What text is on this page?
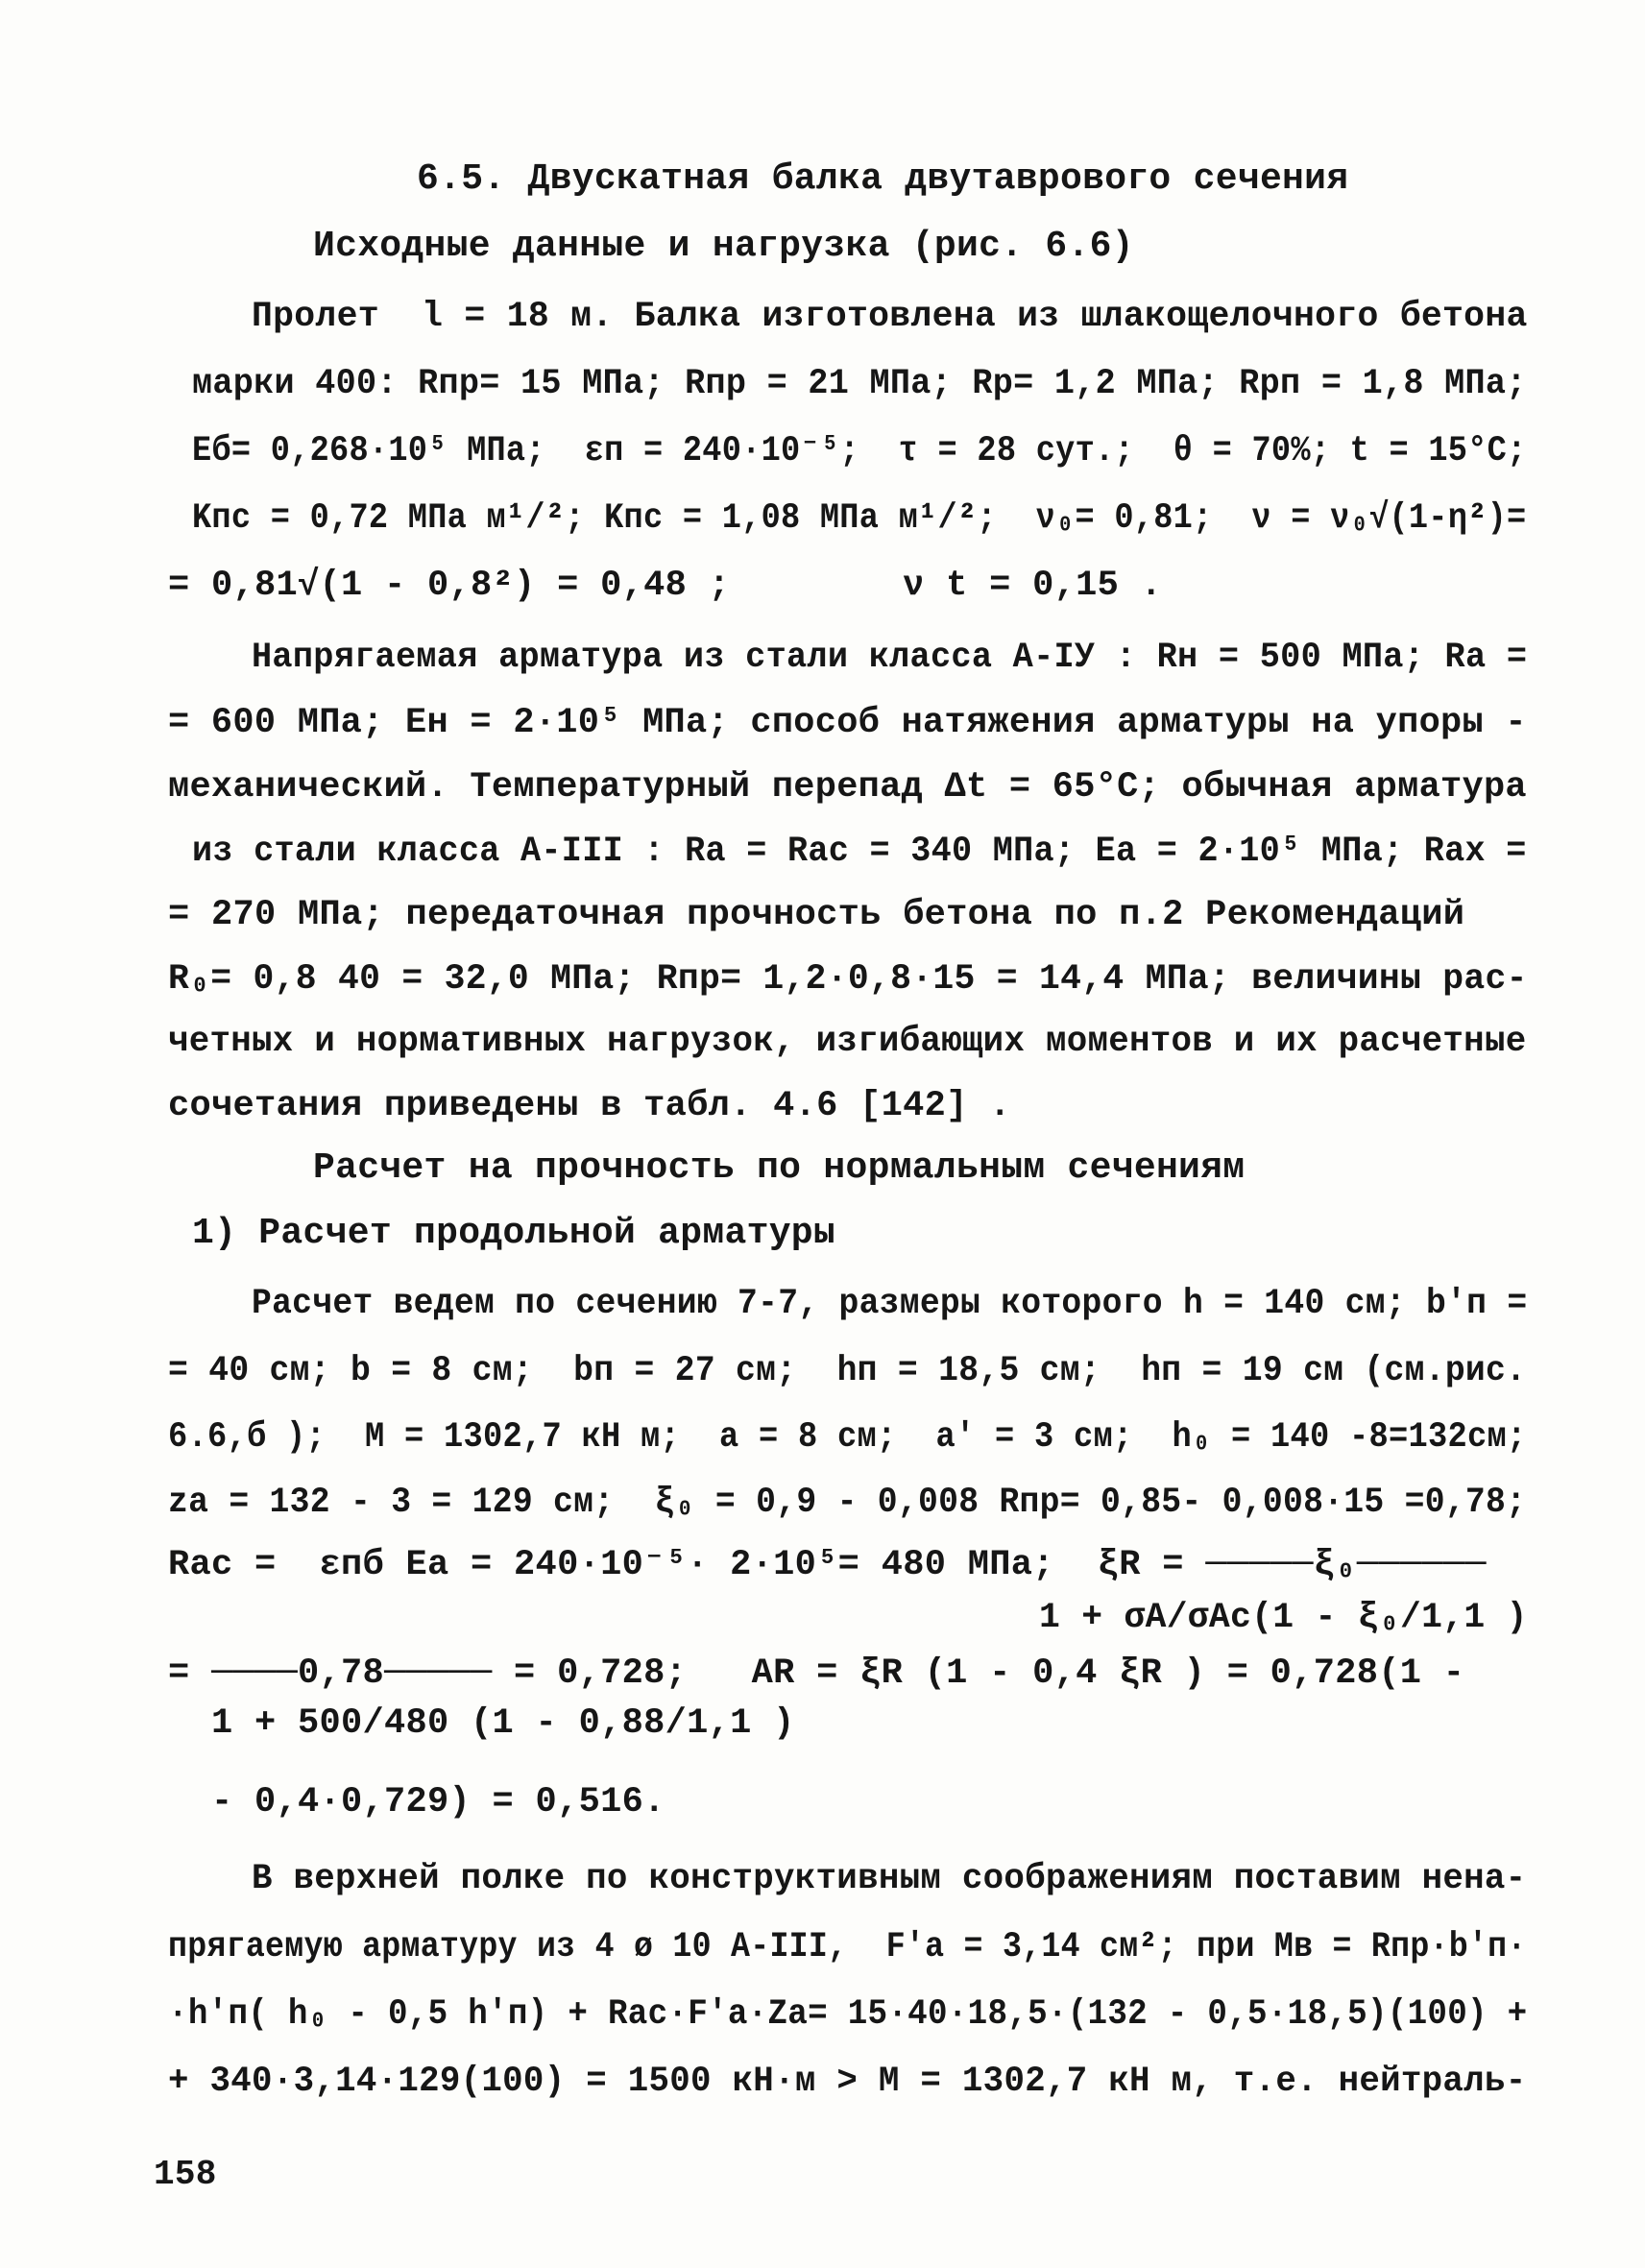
6.5. Двускатная балка двутаврового сечения
Исходные данные и нагрузка (рис. 6.6)
Пролет  l = 18 м. Балка изготовлена из шлакощелочного бетона
марки 400: Rпр= 15 МПа; Rпр = 21 МПа; Rр= 1,2 МПа; Rрп = 1,8 МПа;
Eб= 0,268·10⁵ МПа;  εп = 240·10⁻⁵;  τ = 28 сут.;  θ = 70%; t = 15°C;
Kпс = 0,72 МПа м¹/²; Kпс = 1,08 МПа м¹/²;  ν₀= 0,81;  ν = ν₀√(1-η²)=
= 0,81√(1 - 0,8²) = 0,48 ;        ν t = 0,15 .
Напрягаемая арматура из стали класса А-IУ : Rн = 500 МПа; Rа =
= 600 МПа; Eн = 2·10⁵ МПа; способ натяжения арматуры на упоры -
механический. Температурный перепад Δt = 65°C; обычная арматура
из стали класса А-III : Rа = Rас = 340 МПа; Eа = 2·10⁵ МПа; Rах =
= 270 МПа; передаточная прочность бетона по п.2 Рекомендаций
R₀= 0,8 40 = 32,0 МПа; Rпр= 1,2·0,8·15 = 14,4 МПа; величины рас-
четных и нормативных нагрузок, изгибающих моментов и их расчетные
сочетания приведены в табл. 4.6 [142] .
Расчет на прочность по нормальным сечениям
1) Расчет продольной арматуры
Расчет ведем по сечению 7-7, размеры которого h = 140 см; b'п =
= 40 см; b = 8 см;  bп = 27 см;  hп = 18,5 см;  hп = 19 см (см.рис.
6.6,б );  М = 1302,7 кН м;  a = 8 см;  a' = 3 см;  h₀ = 140 -8=132см;
zа = 132 - 3 = 129 см;  ξ₀ = 0,9 - 0,008 Rпр= 0,85- 0,008·15 =0,78;
Rас =  εпб Eа = 240·10⁻⁵· 2·10⁵= 480 МПа;  ξR = ─────ξ₀──────
1 + σA/σAс(1 - ξ₀/1,1 )
= ────0,78───── = 0,728;   AR = ξR (1 - 0,4 ξR ) = 0,728(1 -
1 + 500/480 (1 - 0,88/1,1 )
- 0,4·0,729) = 0,516.
В верхней полке по конструктивным соображениям поставим нена-
прягаемую арматуру из 4 ø 10 А-III,  F'а = 3,14 см²; при Мв = Rпр·b'п·
·h'п( h₀ - 0,5 h'п) + Rас·F'а·Zа= 15·40·18,5·(132 - 0,5·18,5)(100) +
+ 340·3,14·129(100) = 1500 кН·м > М = 1302,7 кН м, т.е. нейтраль-
158
